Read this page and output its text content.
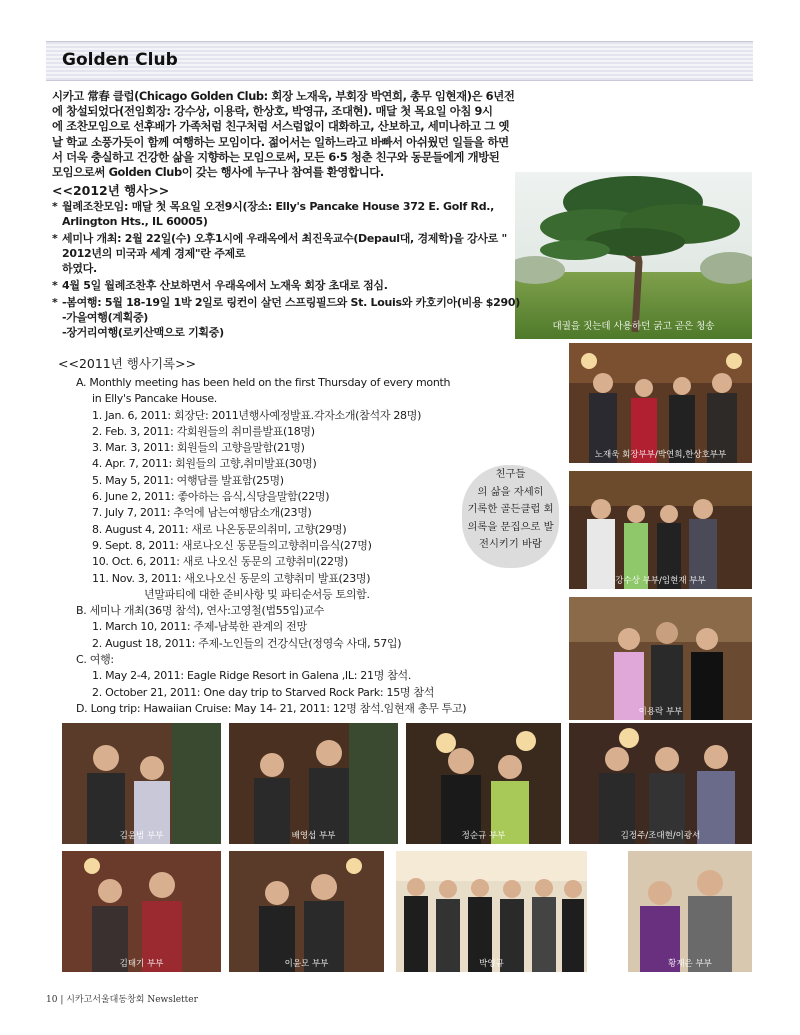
Golden Club
시카고 常春 클럽(Chicago Golden Club: 회장 노재욱, 부회장 박연희, 총무 임현재)은 6년전
에 창설되었다(전임회장: 강수상, 이용락, 한상호, 박영규, 조대현). 매달 첫 목요일 아침 9시
에 조찬모임으로 선후배가 가족처럼 친구처럼 서스럼없이 대화하고, 산보하고, 세미나하고 그 옛
날 학교 소풍가듯이 함께 여행하는 모임이다. 젊어서는 일하느라고 바빠서 아쉬웠던 일들을 하면
서 더욱 충실하고 건강한 삶을 지향하는 모임으로써, 모든 6·5 청춘 친구와 동문들에게 개방된
모임으로써 Golden Club이 갖는 행사에 누구나 참여를 환영합니다.
대궐을 짓는데 사용하던 굵고 곧은 청송
<<2012년 행사>>
* 월례조찬모임: 매달 첫 목요일 오전9시(장소: Elly's Pancake House 372 E. Golf Rd.,
Arlington Hts., IL 60005)
* 세미나 개최: 2월 22일(수) 오후1시에 우래옥에서 최진욱교수(Depaul대, 경제학)을 강사로 "
2012년의 미국과 세계 경제"란 주제로
하였다.
* 4월 5일 월례조찬후 산보하면서 우래옥에서 노재욱 회장 초대로 점심.
* -봄여행: 5월 18-19일 1박 2일로 링컨이 살던 스프링필드와 St. Louis와 카호키아(비용 $290)
-가을여행(계획중)
-장거리여행(로키산맥으로 기획중)
<<2011년 행사기록>>
A. Monthly meeting has been held on the first Thursday of every month
in Elly's Pancake House.
1. Jan. 6, 2011: 회장단: 2011년행사예정발표.각자소개(참석자 28명)
2. Feb. 3, 2011: 각회원들의 취미를발표(18명)
3. Mar. 3, 2011: 회원들의 고향을말함(21명)
4. Apr. 7, 2011: 회원들의 고향,취미발표(30명)
5. May 5, 2011: 여행담를 발표함(25명)
6. June 2, 2011: 좋아하는 음식,식당을말함(22명)
7. July 7, 2011: 추억에 남는여행담소개(23명)
8. August 4, 2011: 새로 나온동문의취미, 고향(29명)
9. Sept. 8, 2011: 새로나오신 동문들의고향취미음식(27명)
10. Oct. 6, 2011: 새로 나오신 동문의 고향취미(22명)
11. Nov. 3, 2011: 새오나오신 동문의 고향취미 발표(23명)
년말파티에 대한 준비사항 및 파티순서등 토의함.
B. 세미나 개최(36명 참석), 연사:고영철(법55입)교수
1. March 10, 2011: 주제-남북한 관계의 전망
2. August 18, 2011: 주제-노인들의 건강식단(정영숙 사대, 57입)
C. 여행:
1. May 2-4, 2011: Eagle Ridge Resort in Galena ,IL: 21명 참석.
2. October 21, 2011: One day trip to Starved Rock Park: 15명 참석
D. Long trip: Hawaiian Cruise: May 14- 21, 2011: 12명 참석.임현재 총무 투고)
친구들
의 삶을 자세히
기록한 골든클럽 회
의록을 문집으로 발
전시키기 바람
노재욱 회장부부/박연희,한상호부부
강수상 부부/임현재 부부
이용락 부부
김윤범 부부	배영섭 부부	정순규 부부	김정주/조대현/이광서
김태기 부부	이윤모 부부	박영규	황재은 부부
10 | 시카고서울대동창회 Newsletter
